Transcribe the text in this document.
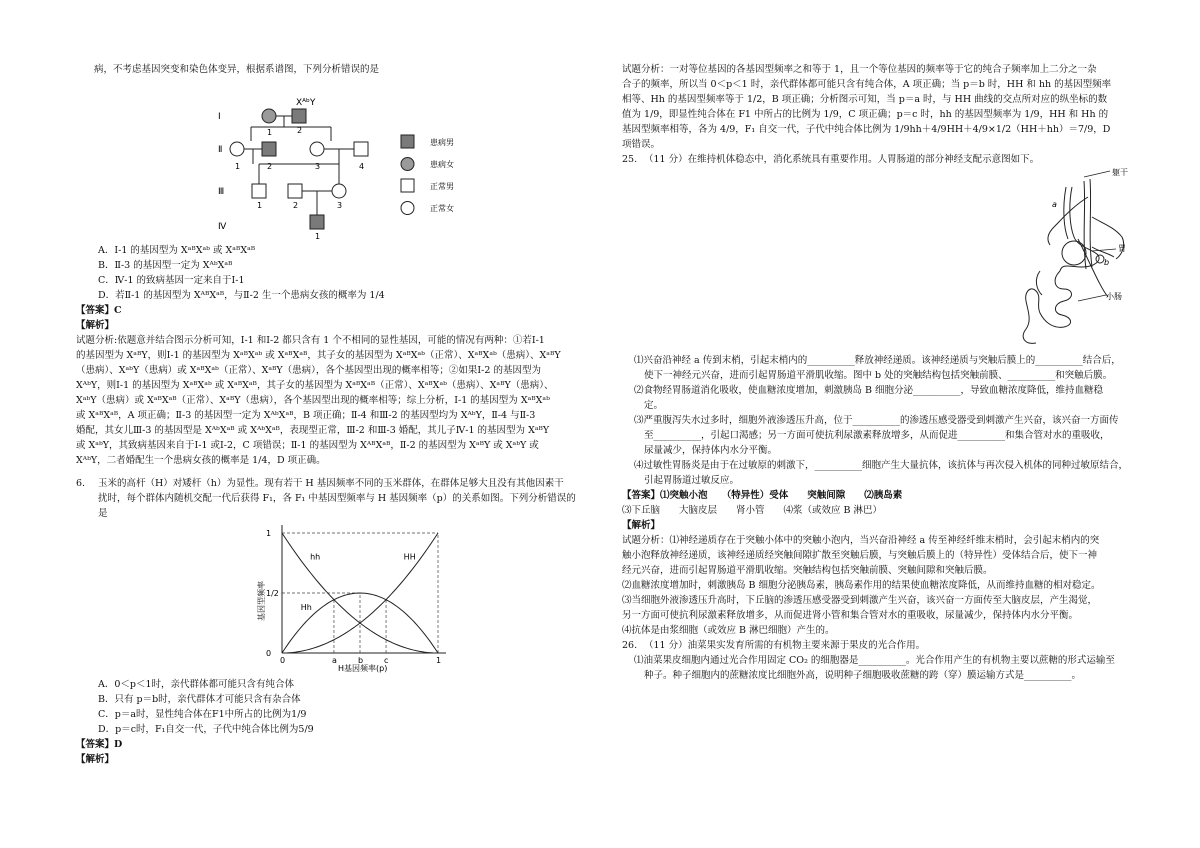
病，不考虑基因突变和染色体变异，根据系谱图，下列分析错误的是

XᴬᵇY
Ⅰ
Ⅱ
Ⅲ
Ⅳ
1	2
1	2	3	4
1	2	3
1
患病男
患病女
正常男
正常女

A．Ⅰ-1 的基因型为 XᵃᴮXᵃᵇ 或 XᵃᴮXᵃᴮ

B．Ⅱ-3 的基因型一定为 XᴬᵇXᵃᴮ

C．Ⅳ-1 的致病基因一定来自于Ⅰ-1

D．若Ⅱ-1 的基因型为 XᴬᴮXᵃᴮ，与Ⅱ-2 生一个患病女孩的概率为 1/4

【答案】C

【解析】

试题分析:依题意并结合图示分析可知，Ⅰ-1 和Ⅰ-2 都只含有 1 个不相同的显性基因，可能的情况有两种：①若Ⅰ-1

的基因型为 XᵃᴮY，则Ⅰ-1 的基因型为 XᵃᴮXᵃᵇ 或 XᵃᴮXᵃᴮ，其子女的基因型为 XᵃᴮXᵃᵇ（正常）、XᵃᴮXᵃᵇ（患病）、XᵃᴮY

（患病）、XᵃᵇY（患病）或 XᵃᴮXᵃᵇ（正常）、XᵃᴮY（患病），各个基因型出现的概率相等；②如果Ⅰ-2 的基因型为

XᴬᵇY，则Ⅰ-1 的基因型为 XᵃᴮXᵃᵇ 或 XᵃᴮXᵃᴮ，其子女的基因型为 XᵃᴮXᵃᴮ（正常）、XᵃᴮXᵃᵇ（患病）、XᵃᴮY（患病）、

XᵃᵇY（患病）或 XᵃᴮXᵃᴮ（正常）、XᵃᴮY（患病），各个基因型出现的概率相等；综上分析，Ⅰ-1 的基因型为 XᵃᴮXᵃᵇ

或 XᵃᴮXᵃᴮ，A 项正确；Ⅱ-3 的基因型一定为 XᴬᵇXᵃᴮ，B 项正确；Ⅱ-4 和Ⅲ-2 的基因型均为 XᴬᵇY，Ⅱ-4 与Ⅱ-3

婚配，其女儿Ⅲ-3 的基因型是 XᴬᵇXᵃᴮ 或 XᴬᵇXᵃᴮ，表现型正常，Ⅲ-2 和Ⅲ-3 婚配，其儿子Ⅳ-1 的基因型为 XᵃᴮY

或 XᵃᵇY，其致病基因来自于Ⅰ-1 或Ⅰ-2，C 项错误；Ⅱ-1 的基因型为 XᴬᴮXᵃᴮ，Ⅱ-2 的基因型为 XᵃᴮY 或 XᵃᵇY 或

XᴬᵇY，二者婚配生一个患病女孩的概率是 1/4，D 项正确。

6.	玉米的高杆（H）对矮杆（h）为显性。现有若干 H 基因频率不同的玉米群体，在群体足够大且没有其他因素干

扰时，每个群体内随机交配一代后获得 F₁，各 F₁ 中基因型频率与 H 基因频率（p）的关系如图。下列分析错误的

是

基因型频率
H基因频率(p)
0	a	b	c	1
0
1/2
1
hh	HH
Hh

A．0＜p＜1时，亲代群体都可能只含有纯合体

B．只有 p＝b时，亲代群体才可能只含有杂合体

C．p＝a时，显性纯合体在F1中所占的比例为1/9

D．p＝c时，F₁自交一代，子代中纯合体比例为5/9

【答案】D

【解析】

试题分析：一对等位基因的各基因型频率之和等于 1，且一个等位基因的频率等于它的纯合子频率加上二分之一杂

合子的频率，所以当 0＜p＜1 时，亲代群体都可能只含有纯合体，A 项正确；当 p＝b 时，HH 和 hh 的基因型频率

相等、Hh 的基因型频率等于 1/2，B 项正确；分析图示可知，当 p＝a 时，与 HH 曲线的交点所对应的纵坐标的数

值为 1/9，即显性纯合体在 F1 中所占的比例为 1/9，C 项正确；p＝c 时，hh 的基因型频率为 1/9，HH 和 Hh 的

基因型频率相等，各为 4/9，F₁ 自交一代，子代中纯合体比例为 1/9hh＋4/9HH＋4/9×1/2（HH＋hh）＝7/9，D

项错误。

25. （11 分）在维持机体稳态中，消化系统具有重要作用。人胃肠道的部分神经支配示意图如下。

躯干
a
胃
b
小肠

⑴兴奋沿神经 a 传到末梢，引起末梢内的__________释放神经递质。该神经递质与突触后膜上的__________结合后，

使下一神经元兴奋，进而引起胃肠道平滑肌收缩。图中 b 处的突触结构包括突触前膜、__________和突触后膜。

⑵食物经胃肠道消化吸收，使血糖浓度增加，刺激胰岛 B 细胞分泌__________，导致血糖浓度降低，维持血糖稳

定。

⑶严重腹泻失水过多时，细胞外液渗透压升高，位于__________的渗透压感受器受到刺激产生兴奋，该兴奋一方面传

至__________，引起口渴感；另一方面可使抗利尿激素释放增多，从而促进__________和集合管对水的重吸收，

尿量减少，保持体内水分平衡。

⑷过敏性胃肠炎是由于在过敏原的刺激下，__________细胞产生大量抗体，该抗体与再次侵入机体的同种过敏原结合，

引起胃肠道过敏反应。

【答案】⑴突触小泡　　（特异性）受体　　突触间隙　　⑵胰岛素

⑶下丘脑　　大脑皮层　　肾小管　　⑷浆（或效应 B 淋巴）

【解析】

试题分析：⑴神经递质存在于突触小体中的突触小泡内，当兴奋沿神经 a 传至神经纤维末梢时，会引起末梢内的突

触小泡释放神经递质，该神经递质经突触间隙扩散至突触后膜，与突触后膜上的（特异性）受体结合后，使下一神

经元兴奋，进而引起胃肠道平滑肌收缩。突触结构包括突触前膜、突触间隙和突触后膜。

⑵血糖浓度增加时，刺激胰岛 B 细胞分泌胰岛素，胰岛素作用的结果使血糖浓度降低，从而维持血糖的相对稳定。

⑶当细胞外液渗透压升高时，下丘脑的渗透压感受器受到刺激产生兴奋，该兴奋一方面传至大脑皮层，产生渴觉，

另一方面可使抗利尿激素释放增多，从而促进肾小管和集合管对水的重吸收，尿量减少，保持体内水分平衡。

⑷抗体是由浆细胞（或效应 B 淋巴细胞）产生的。

26. （11 分）油菜果实发育所需的有机物主要来源于果皮的光合作用。

⑴油菜果皮细胞内通过光合作用固定 CO₂ 的细胞器是__________。光合作用产生的有机物主要以蔗糖的形式运输至

种子。种子细胞内的蔗糖浓度比细胞外高，说明种子细胞吸收蔗糖的跨（穿）膜运输方式是__________。
